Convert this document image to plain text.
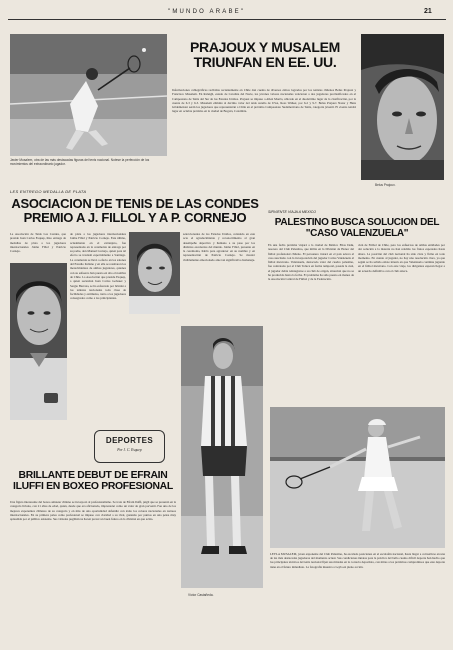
"MUNDO ARABE"	21
Javier Musalem, otra de las más destacadas figuras del tenis nacional. Notese la perfección de los movimientos del extraordinario jugador.
PRAJOUX Y MUSALEM TRIUNFAN EN EE. UU.
Informaciones cablegráficas recibidas recientemente en Chile dan cuenta de diversos éxitos logrados por los tenistas chilenos Belus Prajoux y Francisco Musalem. En Raleigh, estado de Carolina del Norte, los jóvenes valores nacionales vencieron a dos jugadores preclasificados en el Campeonato de Tenis del Sur de los Estados Unidos. Prajoux se impuso a Allen Morris, ubicado en el duodécimo lugar de la clasificación, por la cuenta de 6-3 y 6-3. Musalem eliminó al décimo valor del tenis sureño de USA, Ross Walker, por 6-2 y 9-7. Belus Prajoux Nazar y Hans Gildemeister serán los jugadores que representarán a Chile en el próximo Campeonato Sudamericano de Tenis, categoría juvenil. El evento tendrá lugar en octubre próximo en la ciudad de Bogotá, Colombia.
Belus Prajoux.
LES ENTREGO MEDALLA DE PLATA
ASOCIACION DE TENIS DE LAS CONDES PREMIO A J. FILLOL Y A P. CORNEJO
La Asociación de Tenis Las Condes, que preside Juan Carlos Esquep, hizo entrega de medallas de plata a los jugadores internacionales Jaime Fillol y Patricio Cornejo.
de plata a los jugadores internacionales Jaime Fillol y Patricio Cornejo. Este último, actualmente en el extranjero, fue representado en la ceremonia de entrega por su padre, don Manuel Cornejo, quien para tal efecto se trasladó especialmente a Santiago. La ceremonia se llevó a efecto en los salones del Estadio Italiano y en ella se resaltaron los merecimientos de ambos jugadores, quienes con su esfuerzo han puesto en alto el nombre de Chile. La Asociación que preside Esquep, a quien secundan Juan Carlos Gebauer y Sergio Barraza, se ha esforzado por brindar a los tenistas nacionales toda clase de facilidades y estímulos, tanto a los jugadores consagrados como a los principiantes.
seleccionados de los Estados Unidos, contando en este acto el agradecimiento y reconocimiento al gran desempeño deportivo y humano a su paso por los distintos escenarios del mundo. Jaime Fillol, presente en la ceremonia, habló para agradecer en su nombre y en representación de Patricio Cornejo. Se mostró visiblemente emocionado ante tan significativo homenaje.
DEPORTES
Por J. C. Esquep
BRILLANTE DEBUT DE EFRAIN ILUFFI EN BOXEO PROFESIONAL
Una figura interesante del boxeo amateur chileno se incorporó al profesionalismo. Se trata de Efraín Iluffi, púgil que se presentó en la categoría liviana, con 21 años de edad, quien, desde que era aficionado, impresionó como un valor de gran porvenir. Fue uno de los mejores exponentes chilenos de su categoría y en más de una oportunidad defendió con éxito los colores nacionales en torneos internacionales. En su primera pelea como profesional se impuso con claridad a su rival, ganando por puntos en una pelea muy aplaudida por el público asistente. Sus virtudes pugilísticas hacen prever un buen futuro en la división en que actúa.
Víctor Castañeda.
SIRVIENTE VIAJA A MEXICO
PALESTINO BUSCA SOLUCION DEL "CASO VALENZUELA"
En una fecha próxima viajará a la ciudad de México Elías Deik, tesorero del Club Palestino, que milita en la División de Honor del fútbol profesional chileno. El personero tratará en el país azteca el caso suscitado con la incorporación del jugador Carlos Valenzuela al fútbol mexicano. Valenzuela, destacado valor del cuadro palestino, fue contratado por el Club Toluca en forma temporal, pasada la cual, el jugador debía reintegrarse a su club de origen, situación que no se ha producido hasta la fecha. El problema ha sido puesto en manos de la Asociación Central de Fútbol y de la Federación.
ción de Fútbol de Chile, pero los esfuerzos de ambas entidades por dar solución a la materia no han rendido los frutos esperados hasta ahora. La posición del club nacional ha sido clara y firme en todo momento. En cuanto al jugador, no hay una resolución clara, ya que según se ha sabido existe interés en que Valenzuela continúe jugando en el fútbol mexicano. Con este viaje, los dirigentes esperan llegar a un acuerdo definitivo con el club azteca.
LEYLA MUSALEM, joven exponente del Club Palestino, ha escalado posiciones en el escalafón nacional, hasta llegar a convertirse en una de las más destacadas jugadoras del momento actual. Sus condiciones innatas para la práctica del bello cuanto difícil deporte han hecho que los principales técnicos del tenis nacional fijen sus miradas en la correcta deportista, con miras a los próximos compromisos que este deporte tiene en el futuro inmediato. La fotografía muestra a Leyla en pleno acción.
